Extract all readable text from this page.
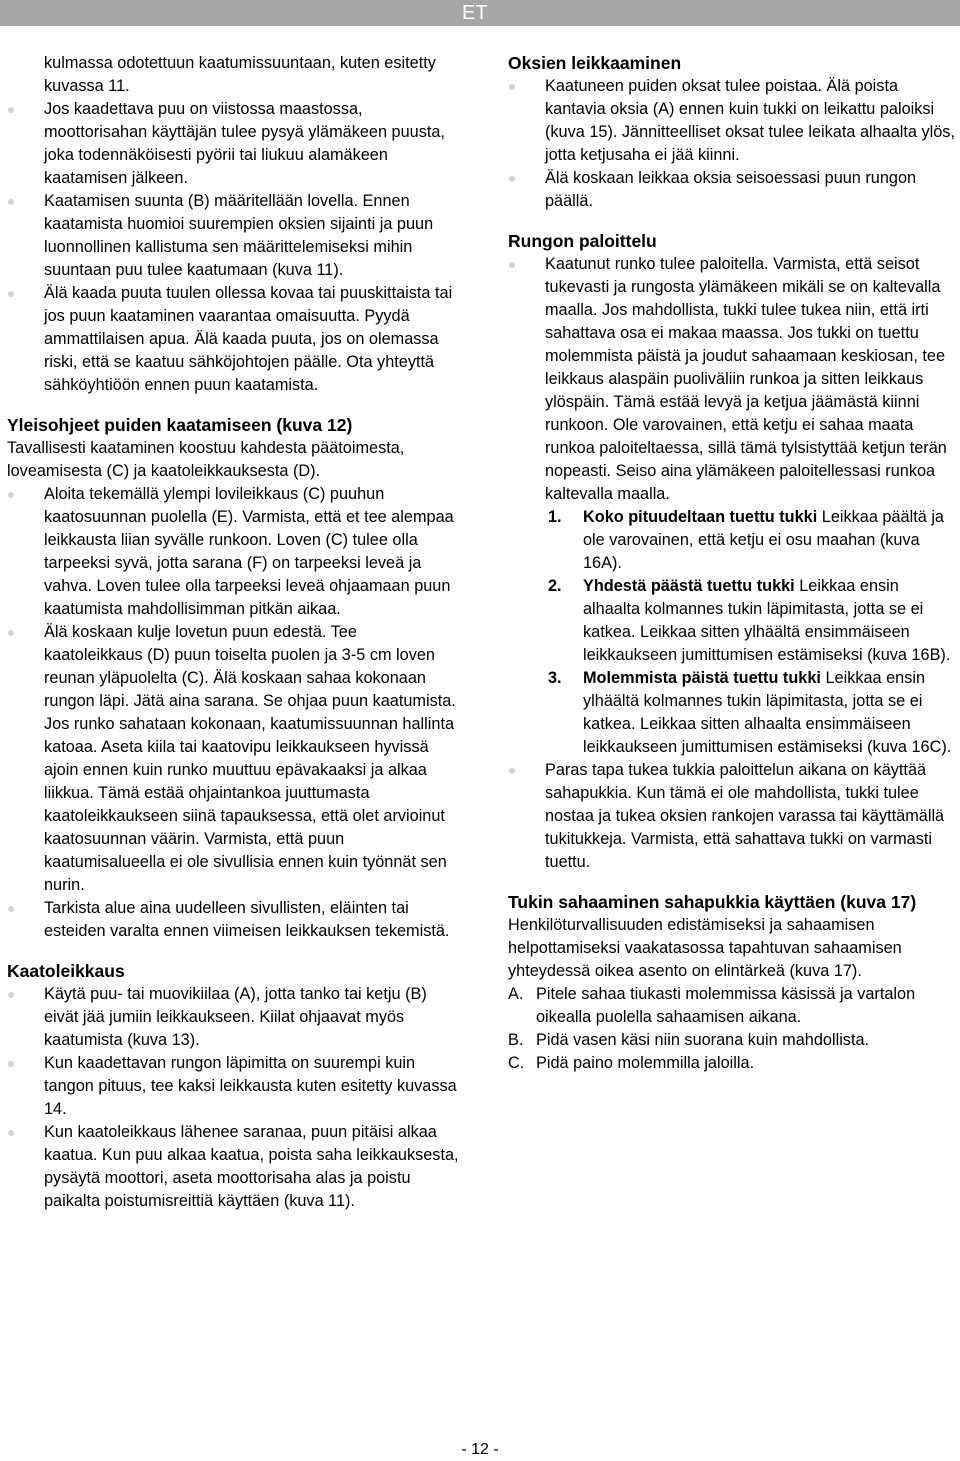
ET
kulmassa odotettuun kaatumissuuntaan, kuten esitetty kuvassa 11.
Jos kaadettava puu on viistossa maastossa, moottorisahan käyttäjän tulee pysyä ylämäkeen puusta, joka todennäköisesti pyörii tai liukuu alamäkeen kaatamisen jälkeen.
Kaatamisen suunta (B) määritellään lovella. Ennen kaatamista huomioi suurempien oksien sijainti ja puun luonnollinen kallistuma sen määrittelemiseksi mihin suuntaan puu tulee kaatumaan (kuva 11).
Älä kaada puuta tuulen ollessa kovaa tai puuskittaista tai jos puun kaataminen vaarantaa omaisuutta. Pyydä ammattilaisen apua. Älä kaada puuta, jos on olemassa riski, että se kaatuu sähköjohtojen päälle. Ota yhteyttä sähköyhtiöön ennen puun kaatamista.
Yleisohjeet puiden kaatamiseen (kuva 12)
Tavallisesti kaataminen koostuu kahdesta päätoimesta, loveamisesta (C) ja kaatoleikkauksesta (D).
Aloita tekemällä ylempi lovileikkaus (C) puuhun kaatosuunnan puolella (E). Varmista, että et tee alempaa leikkausta liian syvälle runkoon. Loven (C) tulee olla tarpeeksi syvä, jotta sarana (F) on tarpeeksi leveä ja vahva. Loven tulee olla tarpeeksi leveä ohjaamaan puun kaatumista mahdollisimman pitkän aikaa.
Älä koskaan kulje lovetun puun edestä. Tee kaatoleikkaus (D) puun toiselta puolen ja 3-5 cm loven reunan yläpuolelta (C). Älä koskaan sahaa kokonaan rungon läpi. Jätä aina sarana. Se ohjaa puun kaatumista. Jos runko sahataan kokonaan, kaatumissuunnan hallinta katoaa. Aseta kiila tai kaatovipu leikkaukseen hyvissä ajoin ennen kuin runko muuttuu epävakaaksi ja alkaa liikkua. Tämä estää ohjaintankoa juuttumasta kaatoleikkaukseen siinä tapauksessa, että olet arvioinut kaatosuunnan väärin. Varmista, että puun kaatumisalueella ei ole sivullisia ennen kuin työnnät sen nurin.
Tarkista alue aina uudelleen sivullisten, eläinten tai esteiden varalta ennen viimeisen leikkauksen tekemistä.
Kaatoleikkaus
Käytä puu- tai muovikiilaa (A), jotta tanko tai ketju (B) eivät jää jumiin leikkaukseen. Kiilat ohjaavat myös kaatumista (kuva 13).
Kun kaadettavan rungon läpimitta on suurempi kuin tangon pituus, tee kaksi leikkausta kuten esitetty kuvassa 14.
Kun kaatoleikkaus lähenee saranaa, puun pitäisi alkaa kaatua. Kun puu alkaa kaatua, poista saha leikkauksesta, pysäytä moottori, aseta moottorisaha alas ja poistu paikalta poistumisreittiä käyttäen (kuva 11).
Oksien leikkaaminen
Kaatuneen puiden oksat tulee poistaa. Älä poista kantavia oksia (A) ennen kuin tukki on leikattu paloiksi (kuva 15). Jännitteelliset oksat tulee leikata alhaalta ylös, jotta ketjusaha ei jää kiinni.
Älä koskaan leikkaa oksia seisoessasi puun rungon päällä.
Rungon paloittelu
Kaatunut runko tulee paloitella. Varmista, että seisot tukevasti ja rungosta ylämäkeen mikäli se on kaltevalla maalla. Jos mahdollista, tukki tulee tukea niin, että irti sahattava osa ei makaa maassa. Jos tukki on tuettu molemmista päistä ja joudut sahaamaan keskiosan, tee leikkaus alaspäin puoliväliin runkoa ja sitten leikkaus ylöspäin. Tämä estää levyä ja ketjua jäämästä kiinni runkoon. Ole varovainen, että ketju ei sahaa maata runkoa paloiteltaessa, sillä tämä tylsistyttää ketjun terän nopeasti. Seiso aina ylämäkeen paloitellessasi runkoa kaltevalla maalla.
1. Koko pituudeltaan tuettu tukki Leikkaa päältä ja ole varovainen, että ketju ei osu maahan (kuva 16A).
2. Yhdestä päästä tuettu tukki Leikkaa ensin alhaalta kolmannes tukin läpimitasta, jotta se ei katkea. Leikkaa sitten ylhäältä ensimmäiseen leikkaukseen jumittumisen estämiseksi (kuva 16B).
3. Molemmista päistä tuettu tukki Leikkaa ensin ylhäältä kolmannes tukin läpimitasta, jotta se ei katkea. Leikkaa sitten alhaalta ensimmäiseen leikkaukseen jumittumisen estämiseksi (kuva 16C).
Paras tapa tukea tukkia paloittelun aikana on käyttää sahapukkia. Kun tämä ei ole mahdollista, tukki tulee nostaa ja tukea oksien rankojen varassa tai käyttämällä tukitukkeja. Varmista, että sahattava tukki on varmasti tuettu.
Tukin sahaaminen sahapukkia käyttäen (kuva 17)
Henkilöturvallisuuden edistämiseksi ja sahaamisen helpottamiseksi vaakatasossa tapahtuvan sahaamisen yhteydessä oikea asento on elintärkeä (kuva 17).
A. Pitele sahaa tiukasti molemmissa käsissä ja vartalon oikealla puolella sahaamisen aikana.
B. Pidä vasen käsi niin suorana kuin mahdollista.
C. Pidä paino molemmilla jaloilla.
- 12 -
